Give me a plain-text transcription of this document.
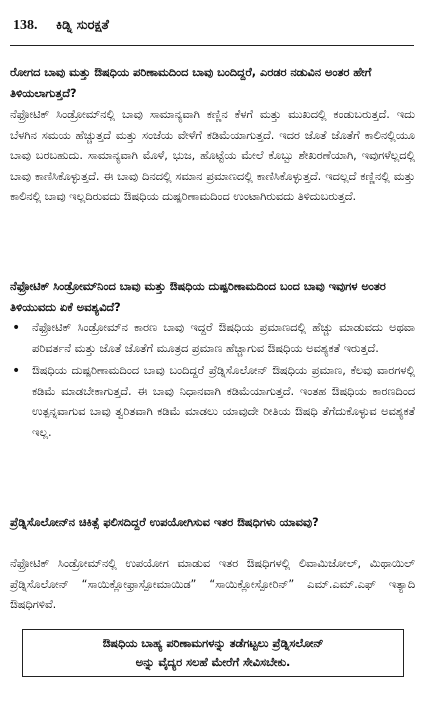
138. ಕಿಡ್ನಿ ಸುರಕ್ಷತೆ
ರೋಗದ ಬಾವು ಮತ್ತು ಔಷಧಿಯ ಪರಿಣಾಮದಿಂದ ಬಾವು ಬಂದಿದ್ದರೆ, ಎರಡರ ನಡುವಿನ ಅಂತರ ಹೇಗೆ ತಿಳಿಯಲಾಗುತ್ತದೆ?
ನೆಫ್ರೋಟಿಕ್ ಸಿಂಡ್ರೋಮ್‌ನಲ್ಲಿ ಬಾವು ಸಾಮಾನ್ಯವಾಗಿ ಕಣ್ಣಿನ ಕೆಳಗೆ ಮತ್ತು ಮುಖದಲ್ಲಿ ಕಂಡುಬರುತ್ತದೆ. ಇದು ಬೆಳಗಿನ ಸಮಯ ಹೆಚ್ಚುತ್ತದೆ ಮತ್ತು ಸಂಜೆಯ ವೇಳೆಗೆ ಕಡಿಮೆಯಾಗುತ್ತದೆ. ಇದರ ಜೊತೆ ಜೊತೆಗೆ ಕಾಲಿನಲ್ಲಿಯೂ ಬಾವು ಬರಬಹುದು. ಸಾಮಾನ್ಯವಾಗಿ ಮೊಳೆ, ಭುಜ, ಹೊಟ್ಟೆಯ ಮೇಲೆ ಕೊಬ್ಬು ಶೇಖರಣೆಯಾಗಿ, ಇವುಗಳೆಲ್ಲದಲ್ಲಿ ಬಾವು ಕಾಣಿಸಿಕೊಳ್ಳುತ್ತದೆ. ಈ ಬಾವು ದಿನದಲ್ಲಿ ಸಮಾನ ಪ್ರಮಾಣದಲ್ಲಿ ಕಾಣಿಸಿಕೊಳ್ಳುತ್ತದೆ. ಇದಲ್ಲದೆ ಕಣ್ಣಿನಲ್ಲಿ ಮತ್ತು ಕಾಲಿನಲ್ಲಿ ಬಾವು ಇಲ್ಲದಿರುವದು ಔಷಧಿಯ ದುಷ್ಪರಿಣಾಮದಿಂದ ಉಂಟಾಗಿರುವದು ತಿಳಿದುಬರುತ್ತದೆ.
ನೆಫ್ರೋಟಿಕ್ ಸಿಂಡ್ರೋಮ್‌ನಿಂದ ಬಾವು ಮತ್ತು ಔಷಧಿಯ ದುಷ್ಪರಿಣಾಮದಿಂದ ಬಂದ ಬಾವು ಇವುಗಳ ಅಂತರ ತಿಳಿಯುವದು ಏಕೆ ಅವಶ್ಯವಿದೆ?
• ನೆಫ್ರೋಟಿಕ್ ಸಿಂಡ್ರೋಮ್‌ನ ಕಾರಣ ಬಾವು ಇದ್ದರೆ ಔಷಧಿಯ ಪ್ರಮಾಣದಲ್ಲಿ ಹೆಚ್ಚು ಮಾಡುವದು ಅಥವಾ ಪರಿವರ್ತನೆ ಮತ್ತು ಜೊತೆ ಜೊತೆಗೆ ಮೂತ್ರದ ಪ್ರಮಾಣ ಹೆಚ್ಚಾಗುವ ಔಷಧಿಯ ಅವಶ್ಯಕತೆ ಇರುತ್ತದೆ.
• ಔಷಧಿಯ ದುಷ್ಪರಿಣಾಮದಿಂದ ಬಾವು ಬಂದಿದ್ದರೆ ಪ್ರೆಡ್ನಿಸೊಲೋನ್ ಔಷಧಿಯ ಪ್ರಮಾಣ, ಕೆಲವು ವಾರಗಳಲ್ಲಿ ಕಡಿಮೆ ಮಾಡಬೇಕಾಗುತ್ತದೆ. ಈ ಬಾವು ನಿಧಾನವಾಗಿ ಕಡಿಮೆಯಾಗುತ್ತದೆ. ಇಂತಹ ಔಷಧಿಯ ಕಾರಣದಿಂದ ಉತ್ಪನ್ನವಾಗುವ ಬಾವು ತ್ವರಿತವಾಗಿ ಕಡಿಮೆ ಮಾಡಲು ಯಾವುದೇ ರೀತಿಯ ಔಷಧಿ ತೆಗೆದುಕೊಳ್ಳುವ ಅವಶ್ಯಕತೆ ಇಲ್ಲ.
ಪ್ರೆಡ್ನಿಸೊಲೋನ್‌ನ ಚಿಕಿತ್ಸೆ ಫಲಿಸದಿದ್ದರೆ ಉಪಯೋಗಿಸುವ ಇತರ ಔಷಧಿಗಳು ಯಾವವು?
ನೆಫ್ರೋಟಿಕ್ ಸಿಂಡ್ರೋಮ್‌ನಲ್ಲಿ ಉಪಯೋಗ ಮಾಡುವ ಇತರ ಔಷಧಿಗಳಲ್ಲಿ ಲಿವಾಮಿಜೋಲ್, ಮಿಥಾಯಿಲ್ ಪ್ರೆಡ್ನಿಸೊಲೋನ್ “ಸಾಯಿಕ್ಲೋಫ್ರಾಸ್ಪೋಮಾಯಿಡ” “ಸಾಯಿಕ್ಲೋಸ್ಪೋರಿನ್” ಎಮ್.ಎಮ್.ಎಫ್ ಇತ್ಯಾದಿ ಔಷಧಿಗಳಿವೆ.
ಔಷಧಿಯ ಬಾಹ್ಯ ಪರಿಣಾಮಗಳನ್ನು ತಡೆಗಟ್ಟಲು ಪ್ರೆಡ್ನಿಸಲೋನ್
ಅನ್ನು ವೈದ್ಯರ ಸಲಹೆ ಮೇರೆಗೆ ಸೇವಿಸಬೇಕು.
